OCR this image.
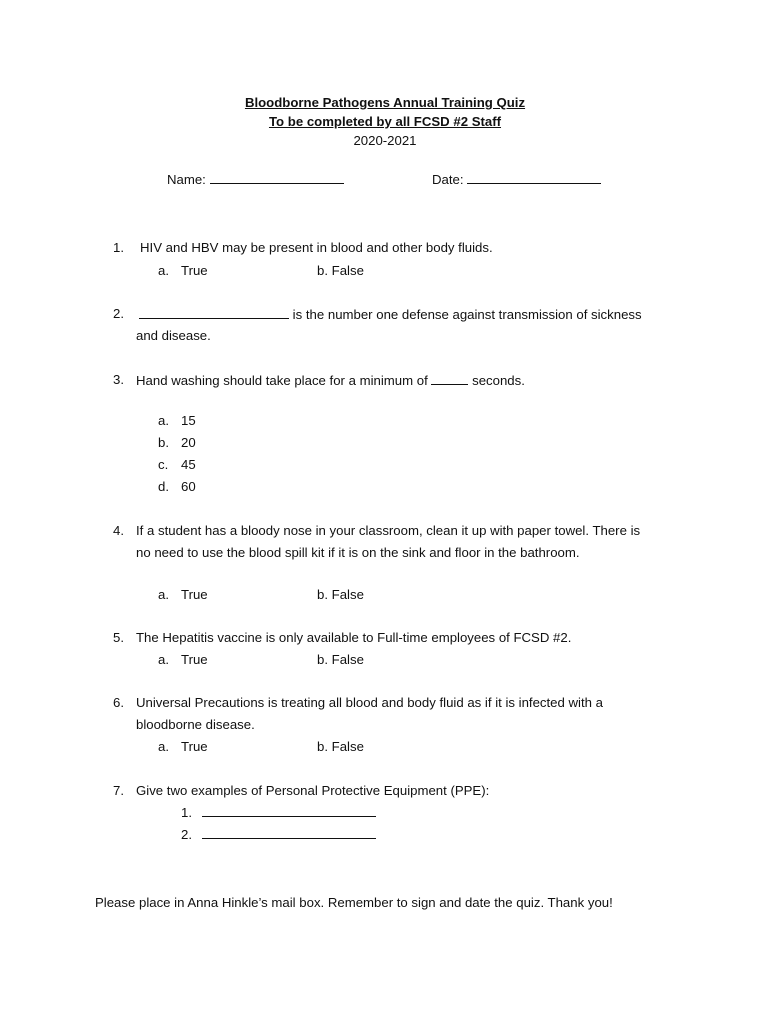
Bloodborne Pathogens Annual Training Quiz
To be completed by all FCSD #2 Staff
2020-2021
Name:	Date:
1. HIV and HBV may be present in blood and other body fluids.
a. True	b. False
2.	is the number one defense against transmission of sickness
and disease.
3. Hand washing should take place for a minimum of	seconds.
a. 15
b. 20
c. 45
d. 60
4. If a student has a bloody nose in your classroom, clean it up with paper towel. There is
no need to use the blood spill kit if it is on the sink and floor in the bathroom.
a. True	b. False
5. The Hepatitis vaccine is only available to Full-time employees of FCSD #2.
a. True	b. False
6. Universal Precautions is treating all blood and body fluid as if it is infected with a
bloodborne disease.
a. True	b. False
7. Give two examples of Personal Protective Equipment (PPE):
1.
2.
Please place in Anna Hinkle’s mail box. Remember to sign and date the quiz. Thank you!
